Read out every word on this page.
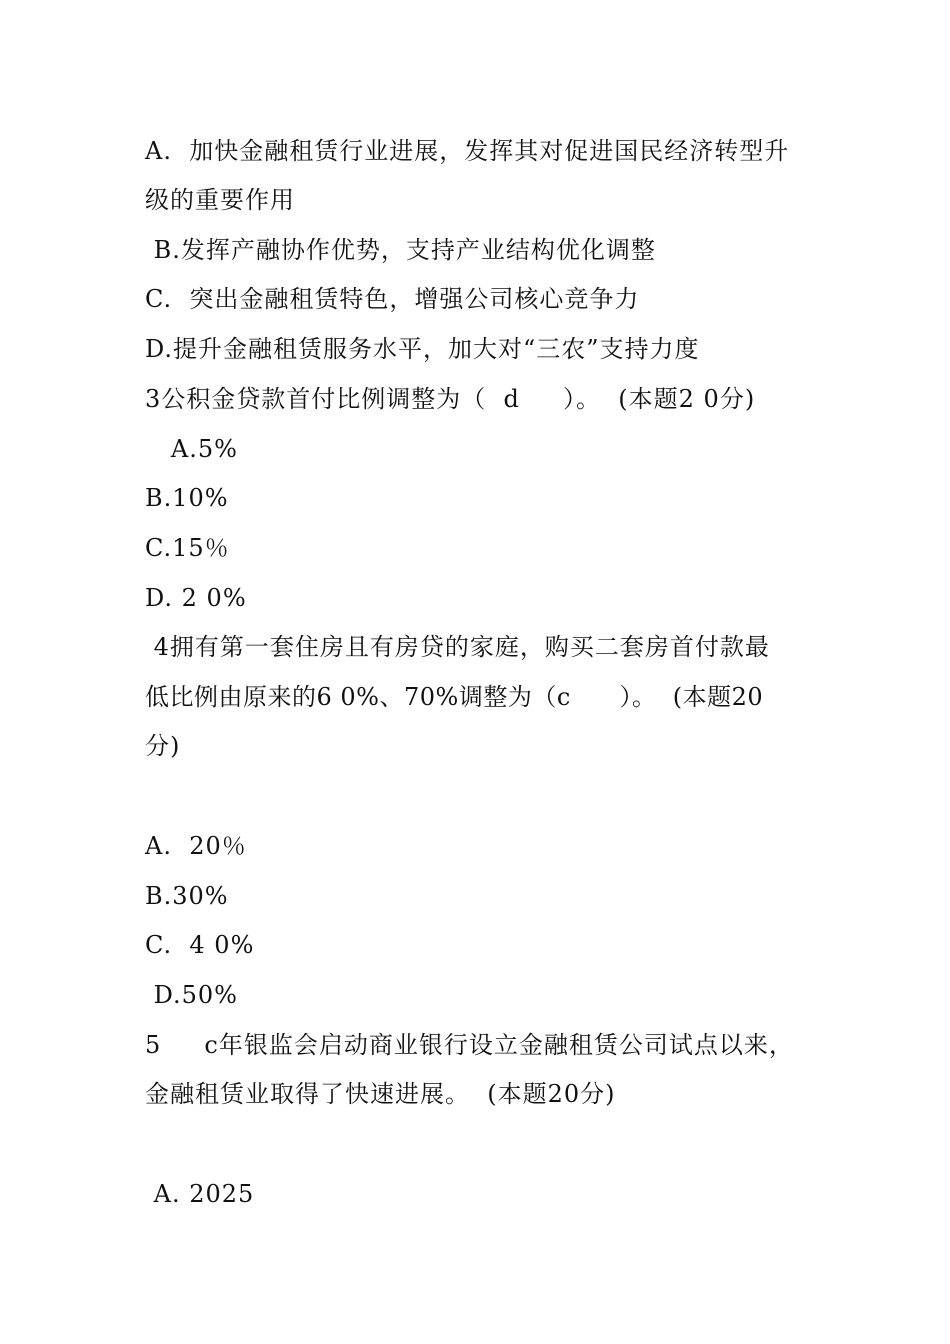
A.  加快金融租赁行业进展，发挥其对促进国民经济转型升
级的重要作用
B.发挥产融协作优势，支持产业结构优化调整
C.  突出金融租赁特色，增强公司核心竞争力
D.提升金融租赁服务水平，加大对“三农”支持力度
3公积金贷款首付比例调整为（  d     ）。  (本题2 0分)
A.5%
B.10%
C.15％
D. 2 0%
4拥有第一套住房且有房贷的家庭，购买二套房首付款最
低比例由原来的6 0%、70%调整为（c      ）。  (本题20
分)
A.  20％
B.30%
C.  4 0%
D.50%
5     c年银监会启动商业银行设立金融租赁公司试点以来，
金融租赁业取得了快速进展。  (本题20分)
A. 2025
